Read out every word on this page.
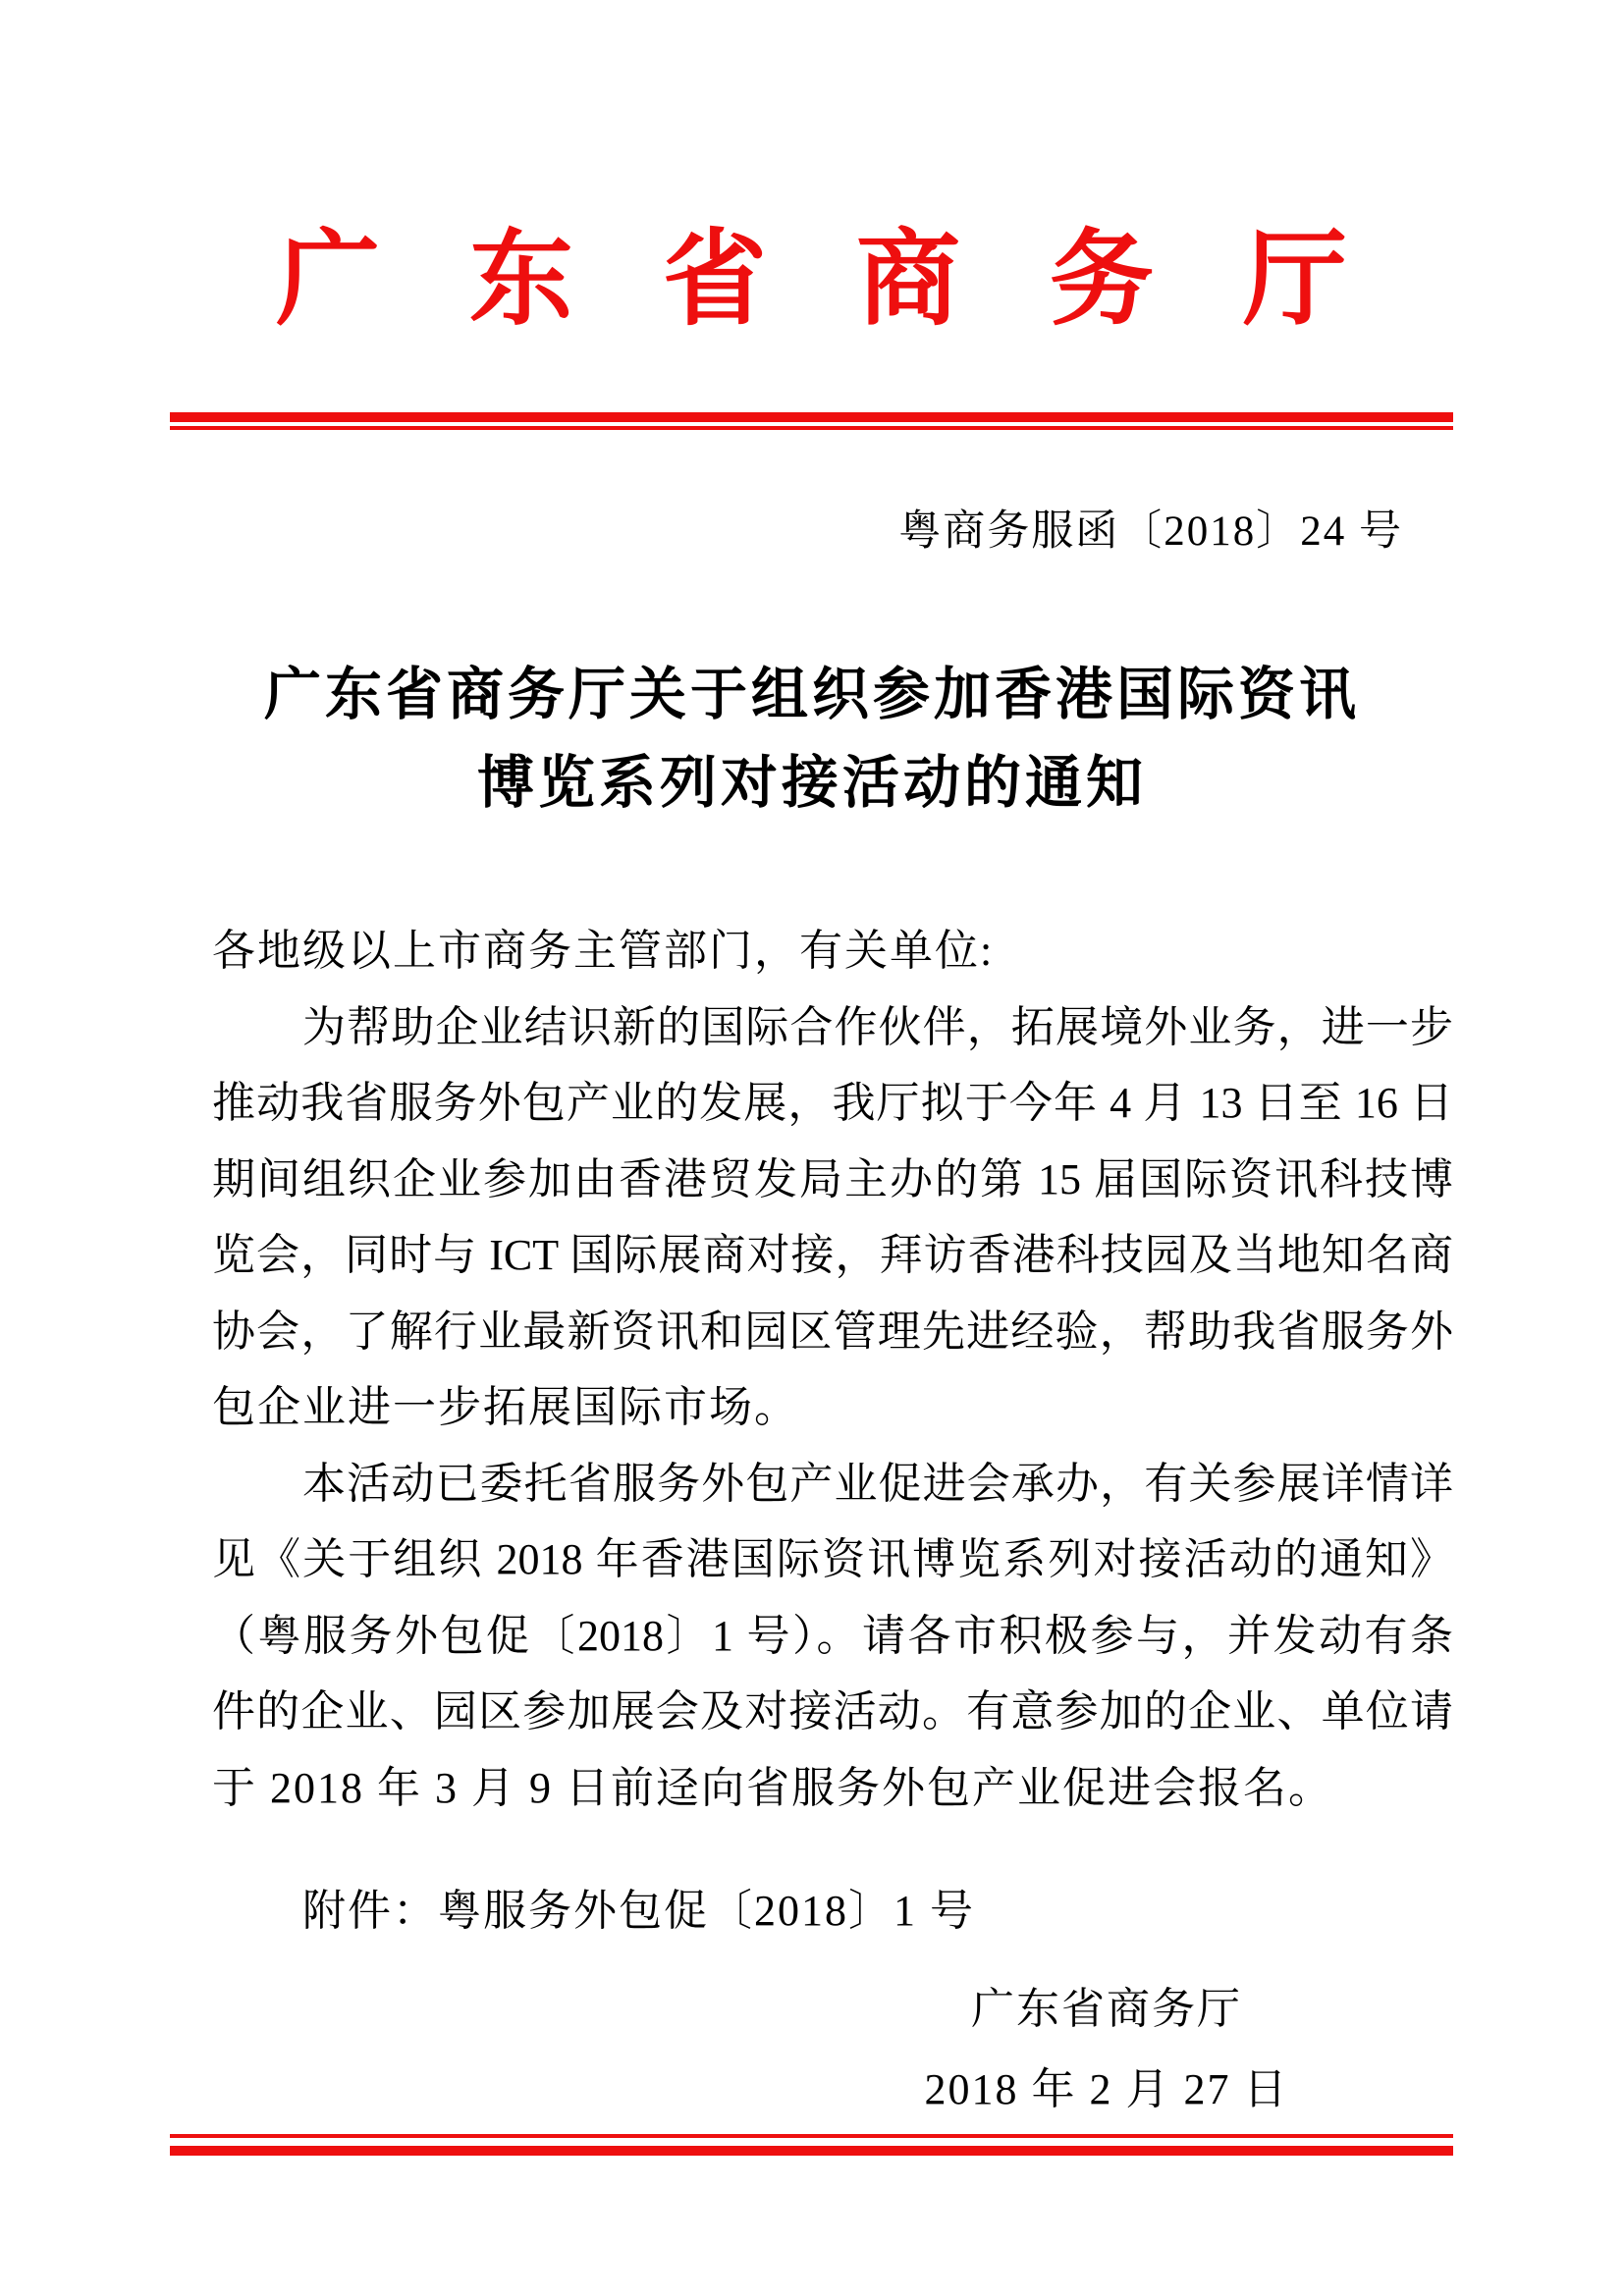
广东省商务厅
粤商务服函〔2018〕24 号
广东省商务厅关于组织参加香港国际资讯
博览系列对接活动的通知
各地级以上市商务主管部门，有关单位:
为帮助企业结识新的国际合作伙伴，拓展境外业务，进一步
推动我省服务外包产业的发展，我厅拟于今年 4 月 13 日至 16 日
期间组织企业参加由香港贸发局主办的第 15 届国际资讯科技博
览会，同时与 ICT 国际展商对接，拜访香港科技园及当地知名商
协会，了解行业最新资讯和园区管理先进经验，帮助我省服务外
包企业进一步拓展国际市场。
本活动已委托省服务外包产业促进会承办，有关参展详情详
见《关于组织 2018 年香港国际资讯博览系列对接活动的通知》
（粤服务外包促〔2018〕1 号）。请各市积极参与，并发动有条
件的企业、园区参加展会及对接活动。有意参加的企业、单位请
于 2018 年 3 月 9 日前迳向省服务外包产业促进会报名。
附件：粤服务外包促〔2018〕1 号
广东省商务厅
2018 年 2 月 27 日
